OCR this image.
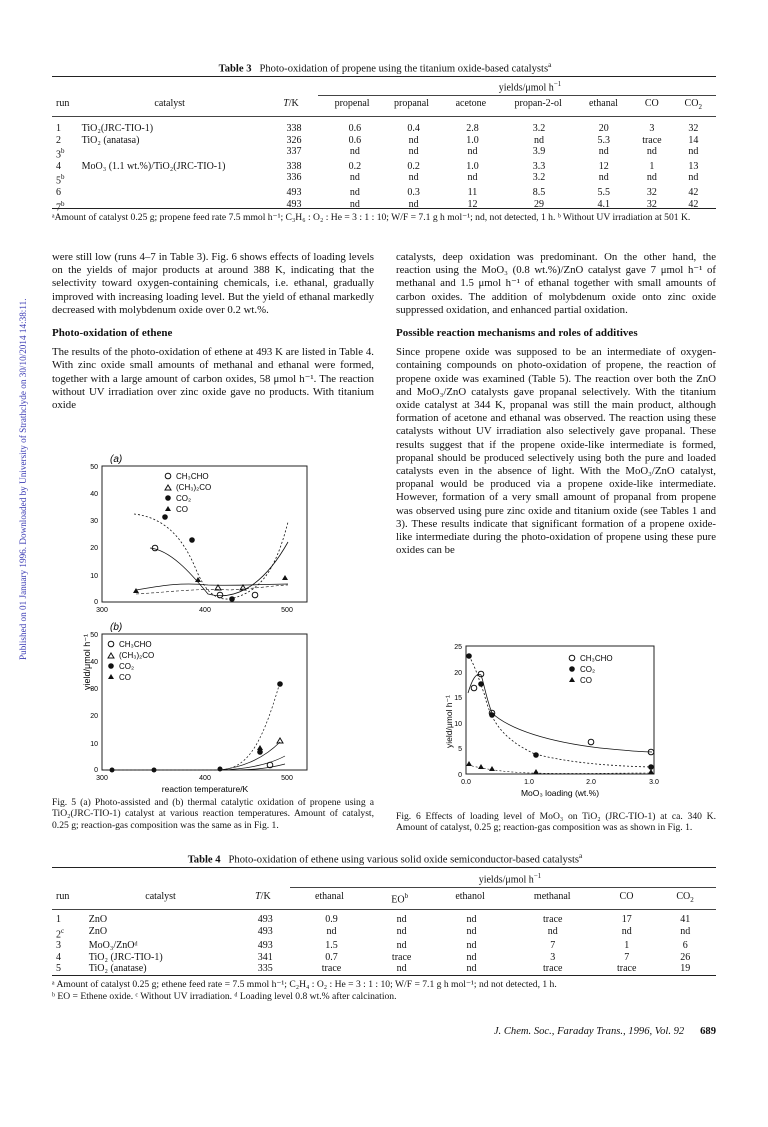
Published on 01 January 1996. Downloaded by University of Strathclyde on 30/10/2014 14:38:11.
Table 3 Photo-oxidation of propene using the titanium oxide-based catalysts$^a$
yields/μmol $h^{-1}$
run	catalyst	T/K	propenal	propanal	acetone	propan-2-ol	ethanal	CO	$CO_2$
1	TiO₂(JRC-TIO-1)	338	0.6	0.4	2.8	3.2	20	3	32
2	TiO₂ (anatasa)	326	0.6	nd	1.0	nd	5.3	trace	14
3$^b$		337	nd	nd	nd	3.9	nd	nd	nd
4	MoO₃ (1.1 wt.%)/TiO₂(JRC-TIO-1)	338	0.2	0.2	1.0	3.3	12	1	13
5$^b$		336	nd	nd	nd	3.2	nd	nd	nd
6		493	nd	0.3	11	8.5	5.5	32	42
7$^b$		493	nd	nd	12	29	4.1	32	42
ᵃAmount of catalyst 0.25 g; propene feed rate 7.5 mmol h⁻¹; C₃H₆ : O₂ : He = 3 : 1 : 10; W/F = 7.1 g h mol⁻¹; nd, not detected, 1 h. ᵇ Without UV irradiation at 501 K.

were still low (runs 4–7 in Table 3). Fig. 6 shows effects of loading levels on the yields of major products at around 388 K, indicating that the selectivity toward oxygen-containing chemicals, i.e. ethanal, gradually improved with increasing loading level. But the yield of ethanal markedly decreased with molybdenum oxide over 0.2 wt.%.

Photo-oxidation of ethene

The results of the photo-oxidation of ethene at 493 K are listed in Table 4. With zinc oxide small amounts of methanal and ethanal were formed, together with a large amount of carbon oxides, 58 μmol h⁻¹. The reaction without UV irradiation over zinc oxide gave no products. With titanium oxide

catalysts, deep oxidation was predominant. On the other hand, the reaction using the MoO₃ (0.8 wt.%)/ZnO catalyst gave 7 μmol h⁻¹ of methanal and 1.5 μmol h⁻¹ of ethanal together with small amounts of carbon oxides. The addition of molybdenum oxide onto zinc oxide suppressed oxidation, and enhanced partial oxidation.

Possible reaction mechanisms and roles of additives

Since propene oxide was supposed to be an intermediate of oxygen-containing compounds on photo-oxidation of propene, the reaction of propene oxide was examined (Table 5). The reaction over both the ZnO and MoO₃/ZnO catalysts gave propanal selectively. With the titanium oxide catalyst at 344 K, propanal was still the main product, although formation of acetone and ethanal was observed. The reaction using these catalysts without UV irradiation also selectively gave propanal. These results suggest that if the propene oxide-like intermediate is formed, propanal should be produced selectively using both the pure and loaded catalysts even in the absence of light. With the MoO₃/ZnO catalyst, propanal would be produced via a propene oxide-like intermediate. However, formation of a very small amount of propanal from propene was observed using pure zinc oxide and titanium oxide (see Tables 1 and 3). These results indicate that significant formation of a propene oxide-like intermediate during the photo-oxidation of propene using these pure oxides can be

(a)
50
40
30
20
10
0
300	400	500
CH₃CHO
(CH₃)₂CO
CO₂
CO
yield/μmol h⁻¹
(b)
50
40
30
20
10
0
300	400	500
CH₃CHO
(CH₃)₂CO
CO₂
CO
reaction temperature/K
Fig. 5 (a) Photo-assisted and (b) thermal catalytic oxidation of propene using a TiO₂(JRC-TIO-1) catalyst at various reaction temperatures. Amount of catalyst, 0.25 g; reaction-gas composition was the same as in Fig. 1.
25
20
15
10
5
0
0.0	1.0	2.0	3.0
yield/μmol h⁻¹
MoO₃ loading (wt.%)
CH₃CHO
CO₂
CO
Fig. 6 Effects of loading level of MoO₃ on TiO₂ (JRC-TIO-1) at ca. 340 K. Amount of catalyst, 0.25 g; reaction-gas composition was as shown in Fig. 1.
Table 4 Photo-oxidation of ethene using various solid oxide semiconductor-based catalysts$^a$
yields/μmol $h^{-1}$
run	catalyst	T/K	ethanal	$EO^b$	ethanol	methanal	CO	$CO_2$
1	ZnO	493	0.9	nd	nd	trace	17	41
2$^c$	ZnO	493	nd	nd	nd	nd	nd	nd
3	MoO₃/ZnOᵈ	493	1.5	nd	nd	7	1	6
4	TiO₂ (JRC-TIO-1)	341	0.7	trace	nd	3	7	26
5	TiO₂ (anatase)	335	trace	nd	nd	trace	trace	19
ᵃ Amount of catalyst 0.25 g; ethene feed rate = 7.5 mmol h⁻¹; C₂H₄ : O₂ : He = 3 : 1 : 10; W/F = 7.1 g h mol⁻¹; nd not detected, 1 h.
ᵇ EO = Ethene oxide. ᶜ Without UV irradiation. ᵈ Loading level 0.8 wt.% after calcination.
J. Chem. Soc., Faraday Trans., 1996, Vol. 92 689
